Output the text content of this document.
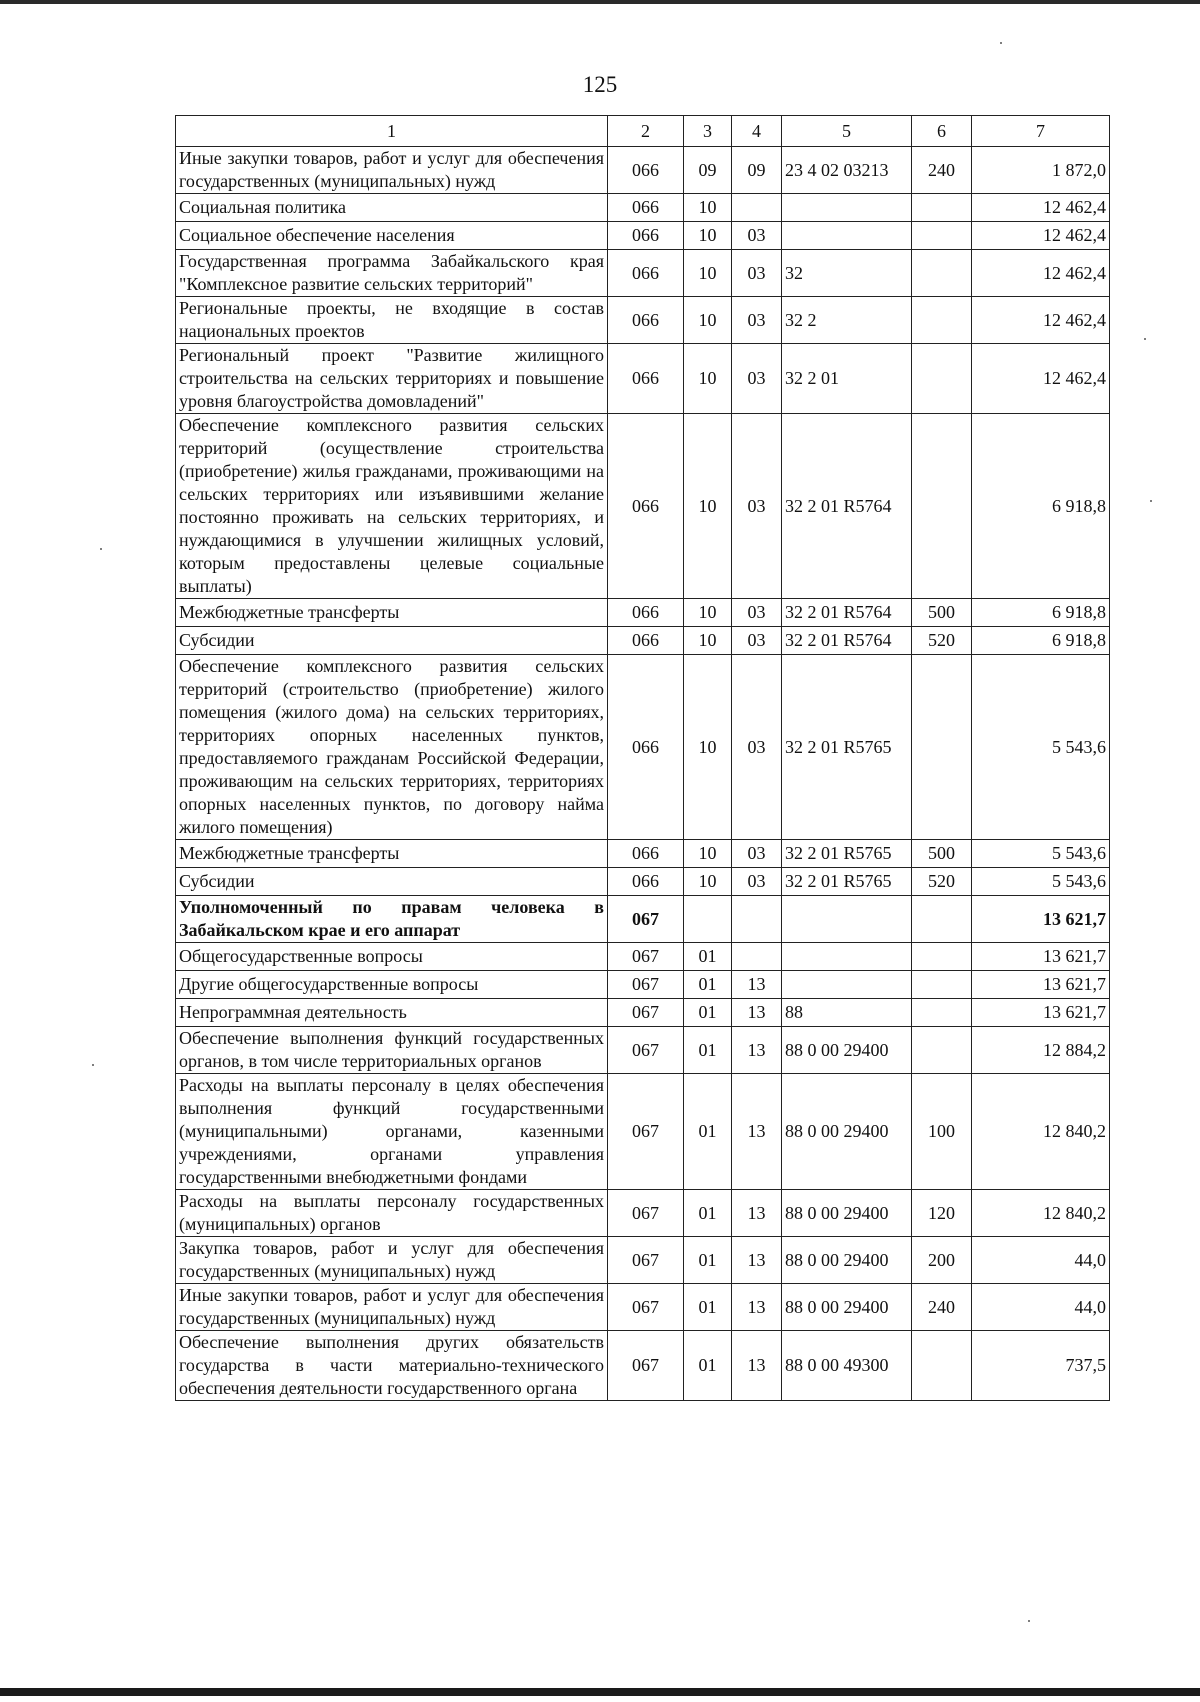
125
1	2	3	4	5	6	7
Иные закупки товаров, работ и услуг для обеспечения государственных (муниципальных) нужд	066	09	09	23 4 02 03213	240	1 872,0
Социальная политика	066	10				12 462,4
Социальное обеспечение населения	066	10	03			12 462,4
Государственная программа Забайкальского края "Комплексное развитие сельских территорий"	066	10	03	32		12 462,4
Региональные проекты, не входящие в состав национальных проектов	066	10	03	32 2		12 462,4
Региональный проект "Развитие жилищного строительства на сельских территориях и повышение уровня благоустройства домовладений"	066	10	03	32 2 01		12 462,4
Обеспечение комплексного развития сельских территорий (осуществление строительства (приобретение) жилья гражданами, проживающими на сельских территориях или изъявившими желание постоянно проживать на сельских территориях, и нуждающимися в улучшении жилищных условий, которым предоставлены целевые социальные выплаты)	066	10	03	32 2 01 R5764		6 918,8
Межбюджетные трансферты	066	10	03	32 2 01 R5764	500	6 918,8
Субсидии	066	10	03	32 2 01 R5764	520	6 918,8
Обеспечение комплексного развития сельских территорий (строительство (приобретение) жилого помещения (жилого дома) на сельских территориях, территориях опорных населенных пунктов, предоставляемого гражданам Российской Федерации, проживающим на сельских территориях, территориях опорных населенных пунктов, по договору найма жилого помещения)	066	10	03	32 2 01 R5765		5 543,6
Межбюджетные трансферты	066	10	03	32 2 01 R5765	500	5 543,6
Субсидии	066	10	03	32 2 01 R5765	520	5 543,6
Уполномоченный по правам человека в Забайкальском крае и его аппарат	067					13 621,7
Общегосударственные вопросы	067	01				13 621,7
Другие общегосударственные вопросы	067	01	13			13 621,7
Непрограммная деятельность	067	01	13	88		13 621,7
Обеспечение выполнения функций государственных органов, в том числе территориальных органов	067	01	13	88 0 00 29400		12 884,2
Расходы на выплаты персоналу в целях обеспечения выполнения функций государственными (муниципальными) органами, казенными учреждениями, органами управления государственными внебюджетными фондами	067	01	13	88 0 00 29400	100	12 840,2
Расходы на выплаты персоналу государственных (муниципальных) органов	067	01	13	88 0 00 29400	120	12 840,2
Закупка товаров, работ и услуг для обеспечения государственных (муниципальных) нужд	067	01	13	88 0 00 29400	200	44,0
Иные закупки товаров, работ и услуг для обеспечения государственных (муниципальных) нужд	067	01	13	88 0 00 29400	240	44,0
Обеспечение выполнения других обязательств государства в части материально-технического обеспечения деятельности государственного органа	067	01	13	88 0 00 49300		737,5
